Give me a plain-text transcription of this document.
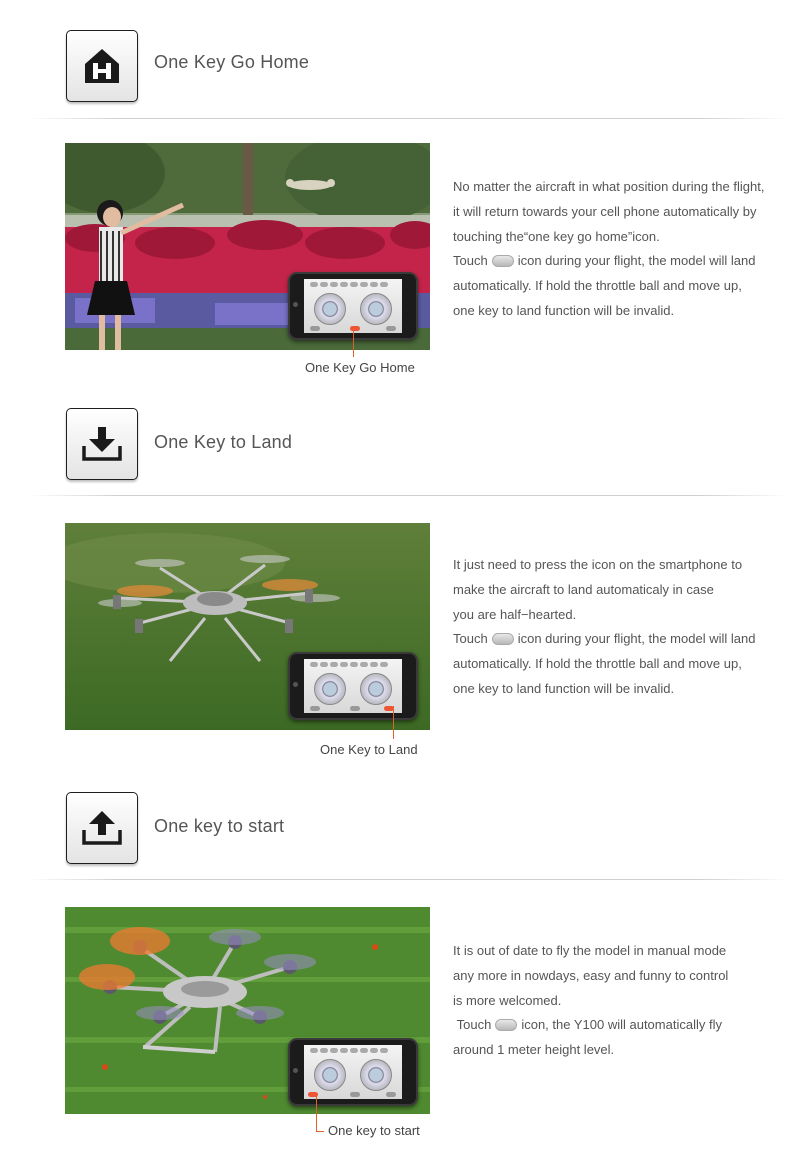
One Key Go Home
One Key Go Home

No matter the aircraft in what position during the flight,

it will return towards your cell phone automatically by

touching the“one key go home”icon.

Touch icon during your flight, the model will land

automatically. If hold the throttle ball and move up,

one key to land function will be invalid.

One Key to Land
One Key to Land

It just need to press the icon on the smartphone to

make the aircraft to land automaticaly in case

you are half−hearted.

Touch icon during your flight, the model will land

automatically. If hold the throttle ball and move up,

one key to land function will be invalid.

One key to start
One key to start

It is out of date to fly the model in manual mode

any more in nowdays, easy and funny to control

is more welcomed.

Touch icon, the Y100 will automatically fly

around 1 meter height level.
